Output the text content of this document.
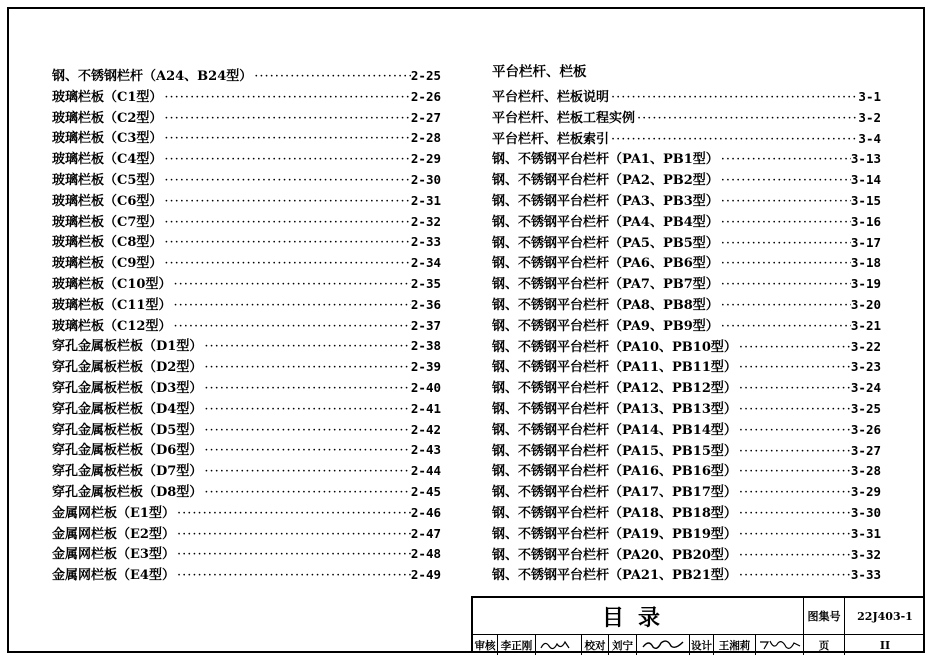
钢、不锈钢栏杆（A24、B24型） ·····	2-25
玻璃栏板（C1型） ·····	2-26
玻璃栏板（C2型） ·····	2-27
玻璃栏板（C3型） ·····	2-28
玻璃栏板（C4型） ·····	2-29
玻璃栏板（C5型） ·····	2-30
玻璃栏板（C6型） ·····	2-31
玻璃栏板（C7型） ·····	2-32
玻璃栏板（C8型） ·····	2-33
玻璃栏板（C9型） ·····	2-34
玻璃栏板（C10型） ·····	2-35
玻璃栏板（C11型） ·····	2-36
玻璃栏板（C12型） ·····	2-37
穿孔金属板栏板（D1型） ·····	2-38
穿孔金属板栏板（D2型） ·····	2-39
穿孔金属板栏板（D3型） ·····	2-40
穿孔金属板栏板（D4型） ·····	2-41
穿孔金属板栏板（D5型） ·····	2-42
穿孔金属板栏板（D6型） ·····	2-43
穿孔金属板栏板（D7型） ·····	2-44
穿孔金属板栏板（D8型） ·····	2-45
金属网栏板（E1型） ·····	2-46
金属网栏板（E2型） ·····	2-47
金属网栏板（E3型） ·····	2-48
金属网栏板（E4型） ·····	2-49
平台栏杆、栏板
平台栏杆、栏板说明 ·····	3-1
平台栏杆、栏板工程实例 ·····	3-2
平台栏杆、栏板索引 ·····	3-4
钢、不锈钢平台栏杆（PA1、PB1型） ·····	3-13
钢、不锈钢平台栏杆（PA2、PB2型） ·····	3-14
钢、不锈钢平台栏杆（PA3、PB3型） ·····	3-15
钢、不锈钢平台栏杆（PA4、PB4型） ·····	3-16
钢、不锈钢平台栏杆（PA5、PB5型） ·····	3-17
钢、不锈钢平台栏杆（PA6、PB6型） ·····	3-18
钢、不锈钢平台栏杆（PA7、PB7型） ·····	3-19
钢、不锈钢平台栏杆（PA8、PB8型） ·····	3-20
钢、不锈钢平台栏杆（PA9、PB9型） ·····	3-21
钢、不锈钢平台栏杆（PA10、PB10型） ·····	3-22
钢、不锈钢平台栏杆（PA11、PB11型） ·····	3-23
钢、不锈钢平台栏杆（PA12、PB12型） ·····	3-24
钢、不锈钢平台栏杆（PA13、PB13型） ·····	3-25
钢、不锈钢平台栏杆（PA14、PB14型） ·····	3-26
钢、不锈钢平台栏杆（PA15、PB15型） ·····	3-27
钢、不锈钢平台栏杆（PA16、PB16型） ·····	3-28
钢、不锈钢平台栏杆（PA17、PB17型） ·····	3-29
钢、不锈钢平台栏杆（PA18、PB18型） ·····	3-30
钢、不锈钢平台栏杆（PA19、PB19型） ·····	3-31
钢、不锈钢平台栏杆（PA20、PB20型） ·····	3-32
钢、不锈钢平台栏杆（PA21、PB21型） ·····	3-33
目录	图集号	22J403-1
审核 李正刚	校对 刘宁	设计 王湘莉	页	II
